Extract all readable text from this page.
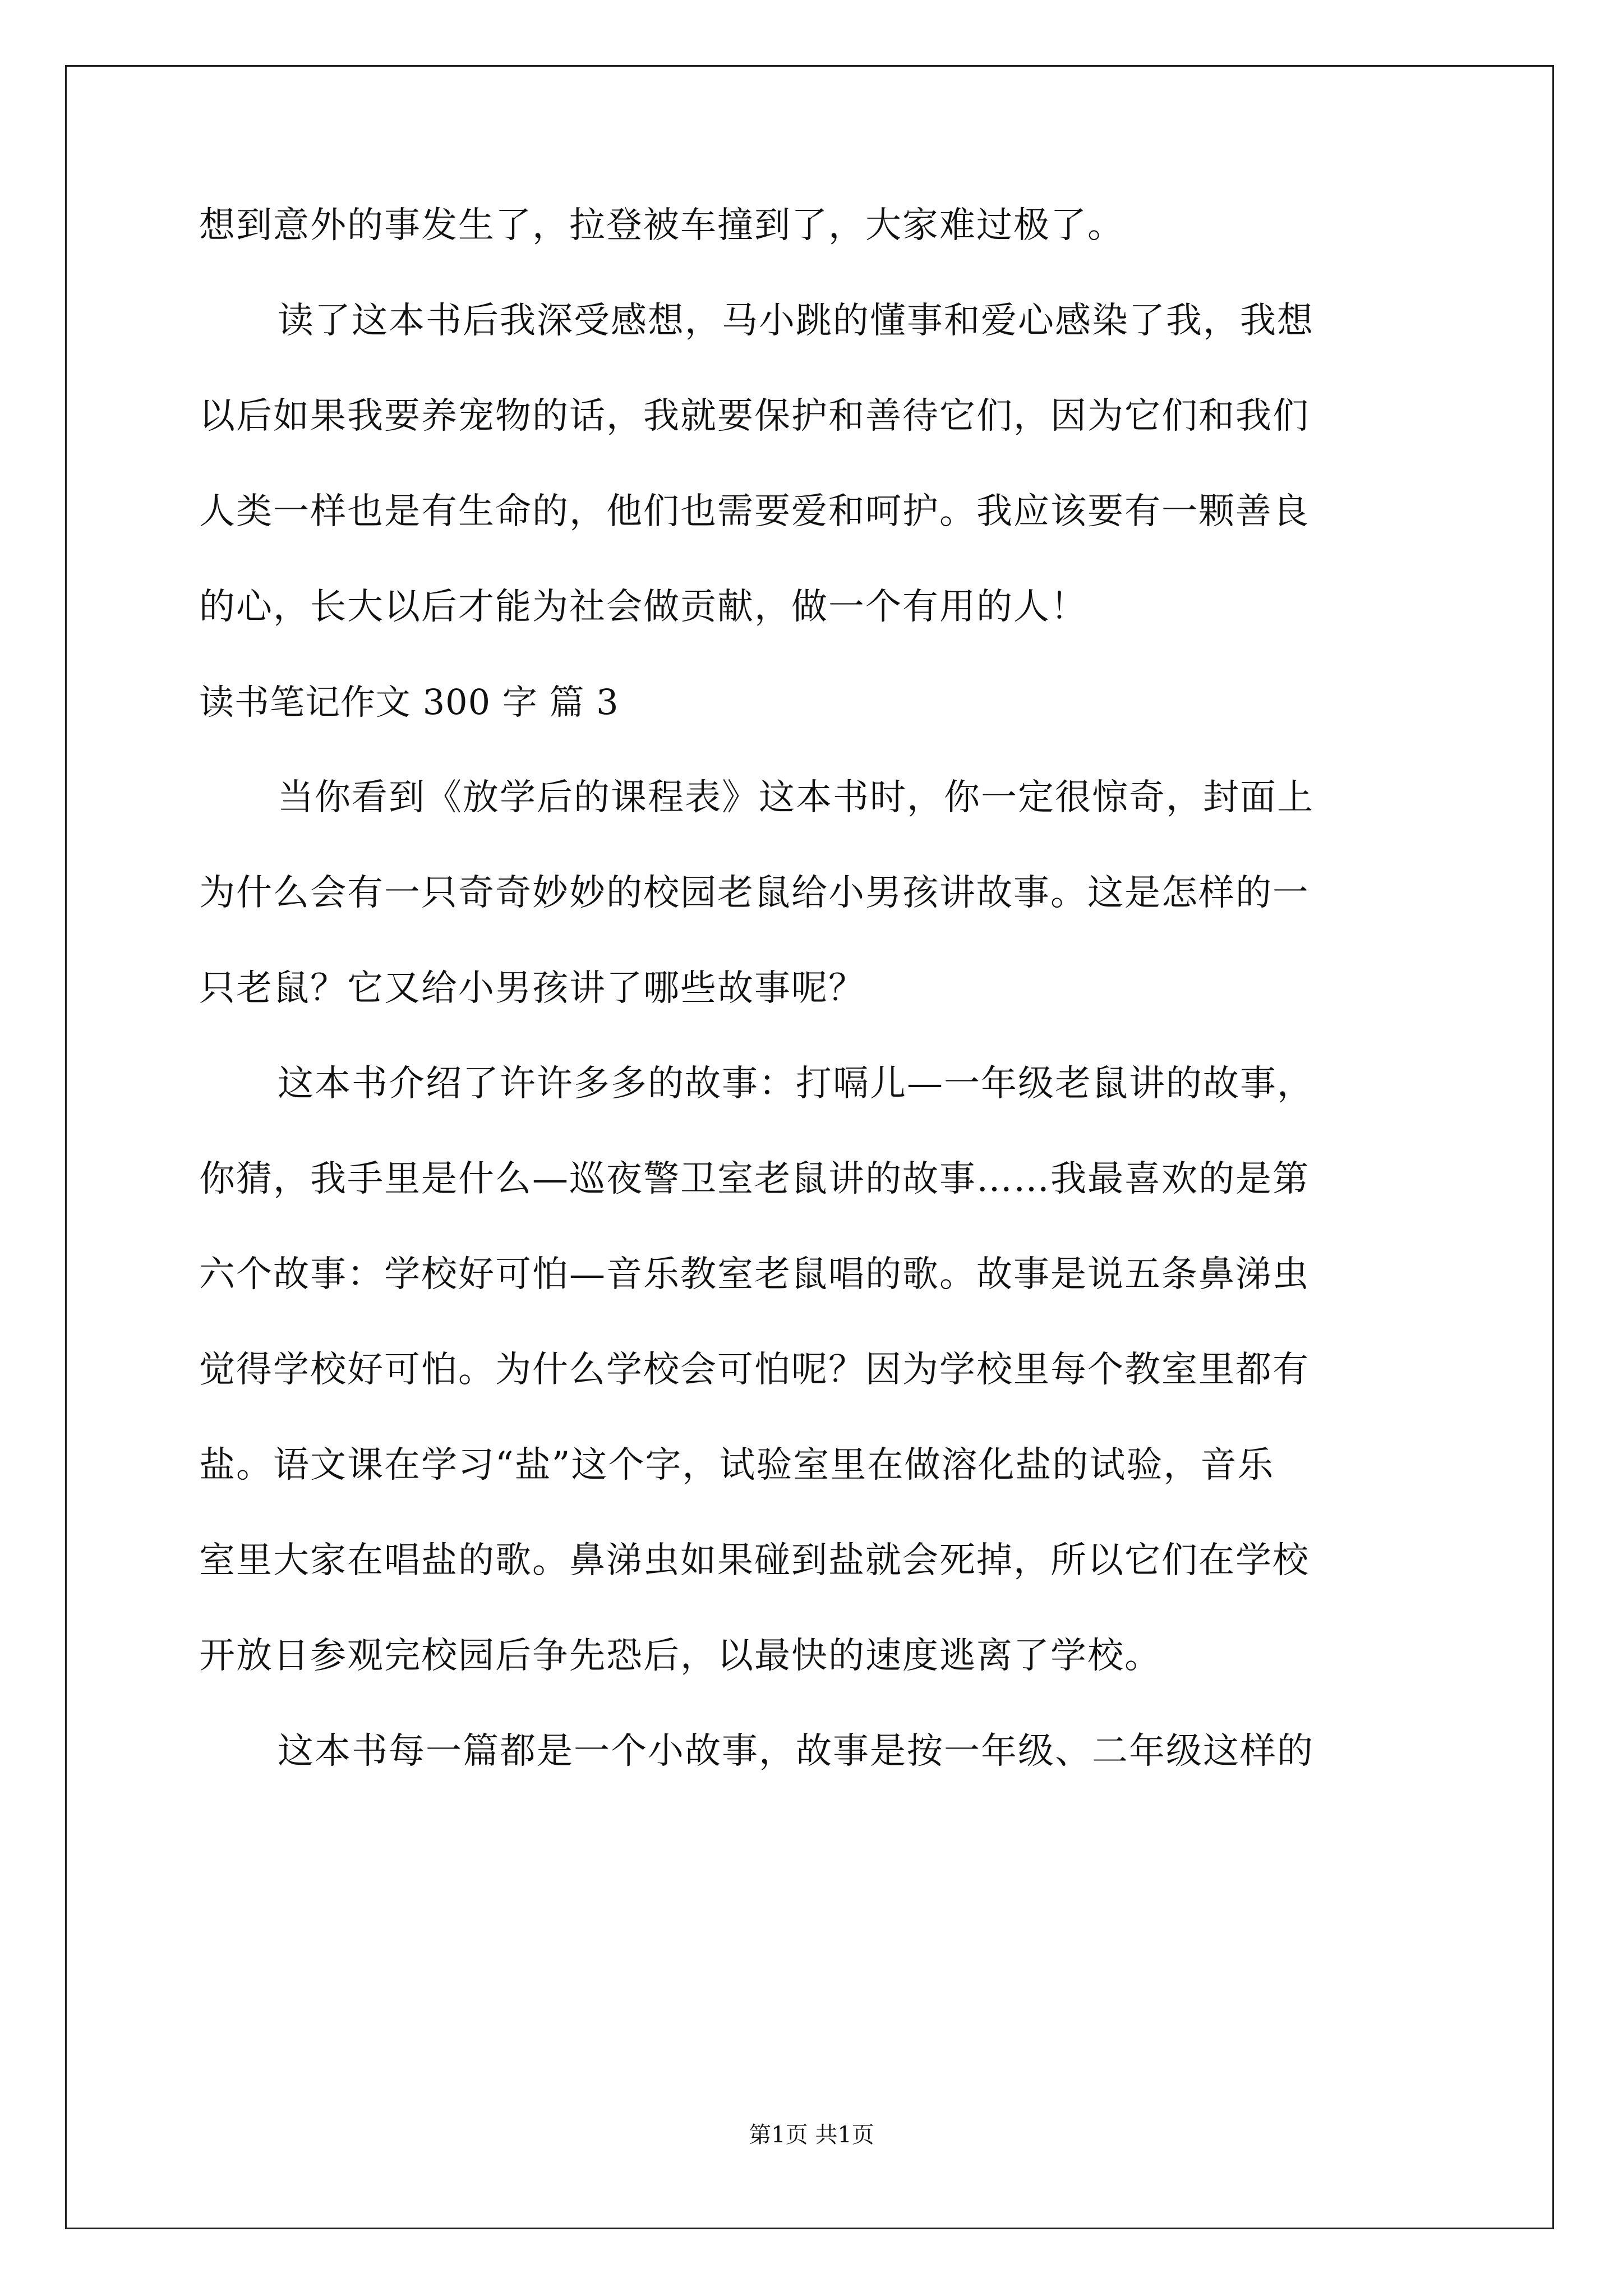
想到意外的事发生了，拉登被车撞到了，大家难过极了。
读了这本书后我深受感想，马小跳的懂事和爱心感染了我，我想
以后如果我要养宠物的话，我就要保护和善待它们，因为它们和我们
人类一样也是有生命的，他们也需要爱和呵护。我应该要有一颗善良
的心，长大以后才能为社会做贡献，做一个有用的人！
读书笔记作文 300 字 篇 3
当你看到《放学后的课程表》这本书时，你一定很惊奇，封面上
为什么会有一只奇奇妙妙的校园老鼠给小男孩讲故事。这是怎样的一
只老鼠？它又给小男孩讲了哪些故事呢？
这本书介绍了许许多多的故事：打嗝儿—一年级老鼠讲的故事，
你猜，我手里是什么—巡夜警卫室老鼠讲的故事……我最喜欢的是第
六个故事：学校好可怕—音乐教室老鼠唱的歌。故事是说五条鼻涕虫
觉得学校好可怕。为什么学校会可怕呢？因为学校里每个教室里都有
盐。语文课在学习“盐”这个字，试验室里在做溶化盐的试验，音乐
室里大家在唱盐的歌。鼻涕虫如果碰到盐就会死掉，所以它们在学校
开放日参观完校园后争先恐后，以最快的速度逃离了学校。
这本书每一篇都是一个小故事，故事是按一年级、二年级这样的
第1页 共1页
